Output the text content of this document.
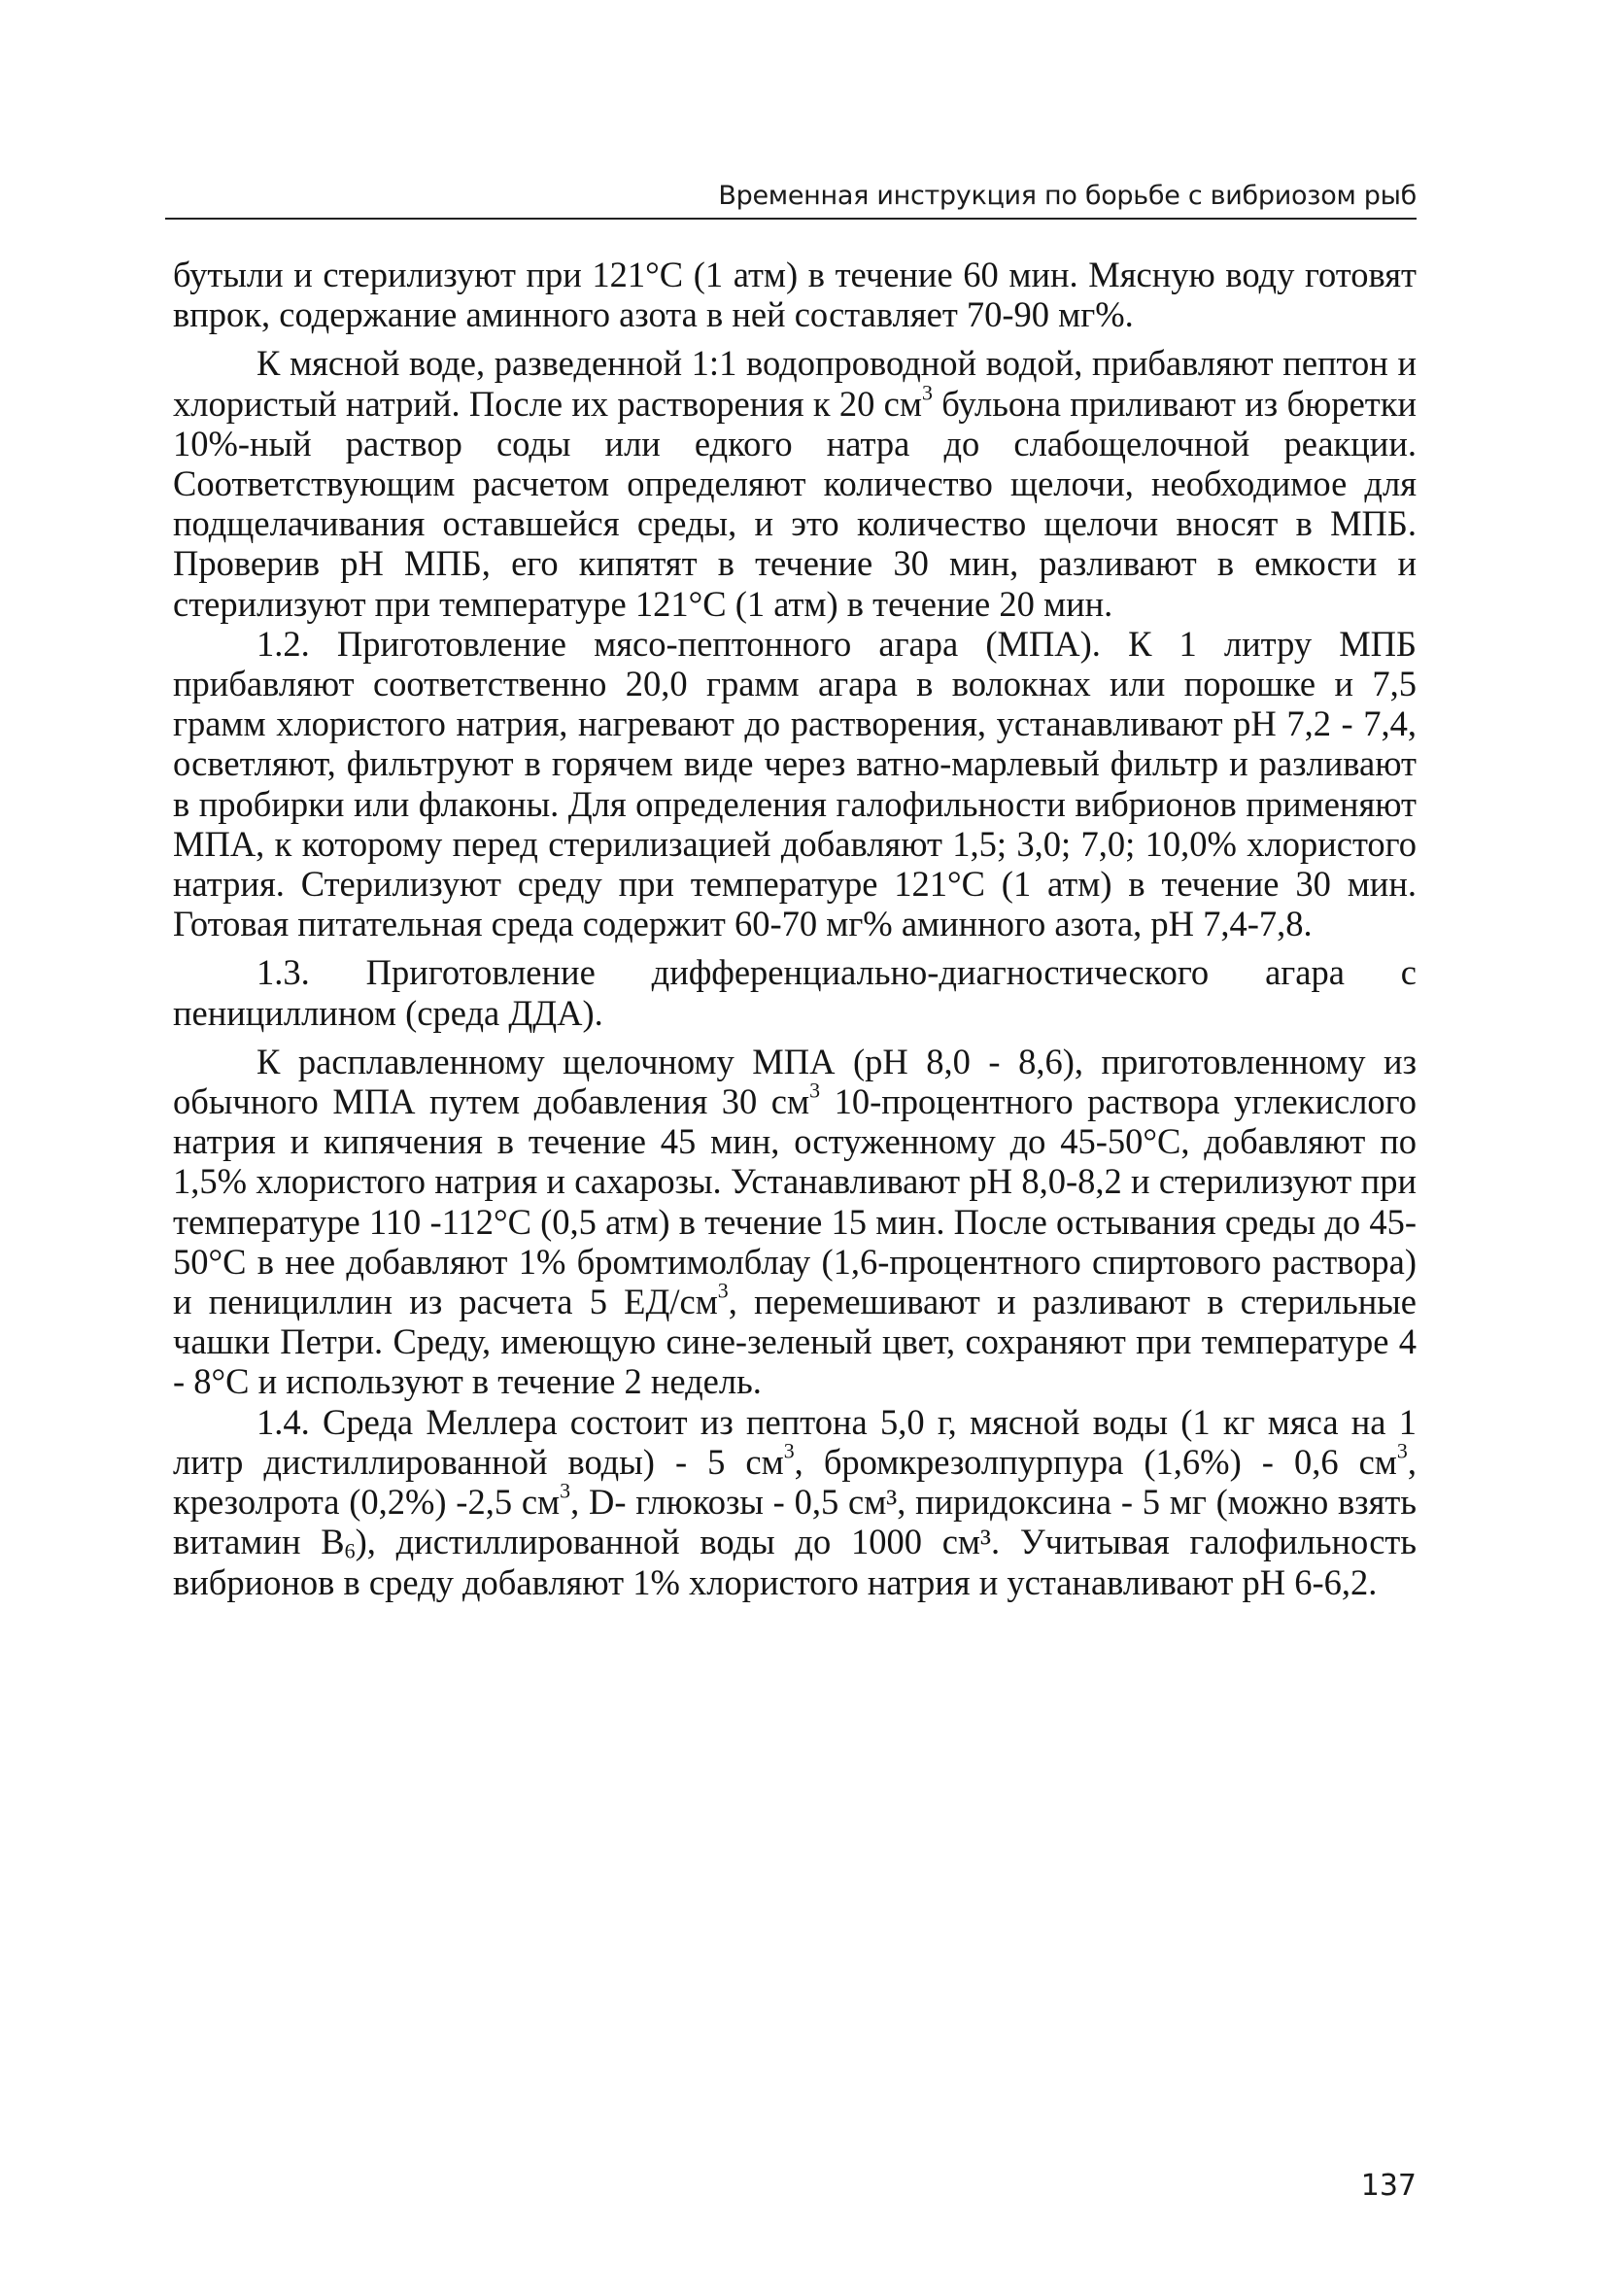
Временная инструкция по борьбе с вибриозом рыб

бутыли и стерилизуют при 121°С (1 атм) в течение 60 мин. Мясную воду готовят впрок, содержание аминного азота в ней составляет 70-90 мг%.

К мясной воде, разведенной 1:1 водопроводной водой, прибавляют пептон и хлористый натрий. После их растворения к 20 $см^3$ бульона приливают из бюретки 10%-ный раствор соды или едкого натра до слабощелочной реакции. Соответствующим расчетом определяют количество щелочи, необходимое для подщелачивания оставшейся среды, и это количество щелочи вносят в МПБ. Проверив рН МПБ, его кипятят в течение 30 мин, разливают в емкости и стерилизуют при температуре 121°С (1 атм) в течение 20 мин.

1.2. Приготовление мясо-пептонного агара (МПА). К 1 литру МПБ прибавляют соответственно 20,0 грамм агара в волокнах или порошке и 7,5 грамм хлористого натрия, нагревают до растворения, устанавливают рН 7,2 - 7,4, осветляют, фильтруют в горячем виде через ватно-марлевый фильтр и разливают в пробирки или флаконы. Для определения галофильности вибрионов применяют МПА, к которому перед стерилизацией добавляют 1,5; 3,0; 7,0; 10,0% хлористого натрия. Стерилизуют среду при температуре 121°С (1 атм) в течение 30 мин. Готовая питательная среда содержит 60-70 мг% аминного азота, рН 7,4-7,8.

1.3. Приготовление дифференциально-диагностического агара с пенициллином (среда ДДА).

К расплавленному щелочному МПА (рН 8,0 - 8,6), приготовленному из обычного МПА путем добавления 30 $см^3$ 10-процентного раствора углекислого натрия и кипячения в течение 45 мин, остуженному до 45-50°С, добавляют по 1,5% хлористого натрия и сахарозы. Устанавливают рН 8,0-8,2 и стерилизуют при температуре 110 -112°С (0,5 атм) в течение 15 мин. После остывания среды до 45-50°С в нее добавляют 1% бромтимолблау (1,6-процентного спиртового раствора) и пенициллин из расчета 5 $ЕД/см^3$, перемешивают и разливают в стерильные чашки Петри. Среду, имеющую сине-зеленый цвет, сохраняют при температуре 4 - 8°С и используют в течение 2 недель.

1.4. Среда Меллера состоит из пептона 5,0 г, мясной воды (1 кг мяса на 1 литр дистиллированной воды) - 5 $см^3$, бромкрезолпурпура (1,6%) - 0,6 $см^3$, крезолрота (0,2%) -2,5 $см^3$, D- глюкозы - 0,5 см³, пиридоксина - 5 мг (можно взять витамин $В_6$), дистиллированной воды до 1000 см³. Учитывая галофильность вибрионов в среду добавляют 1% хлористого натрия и устанавливают рН 6-6,2.

137
